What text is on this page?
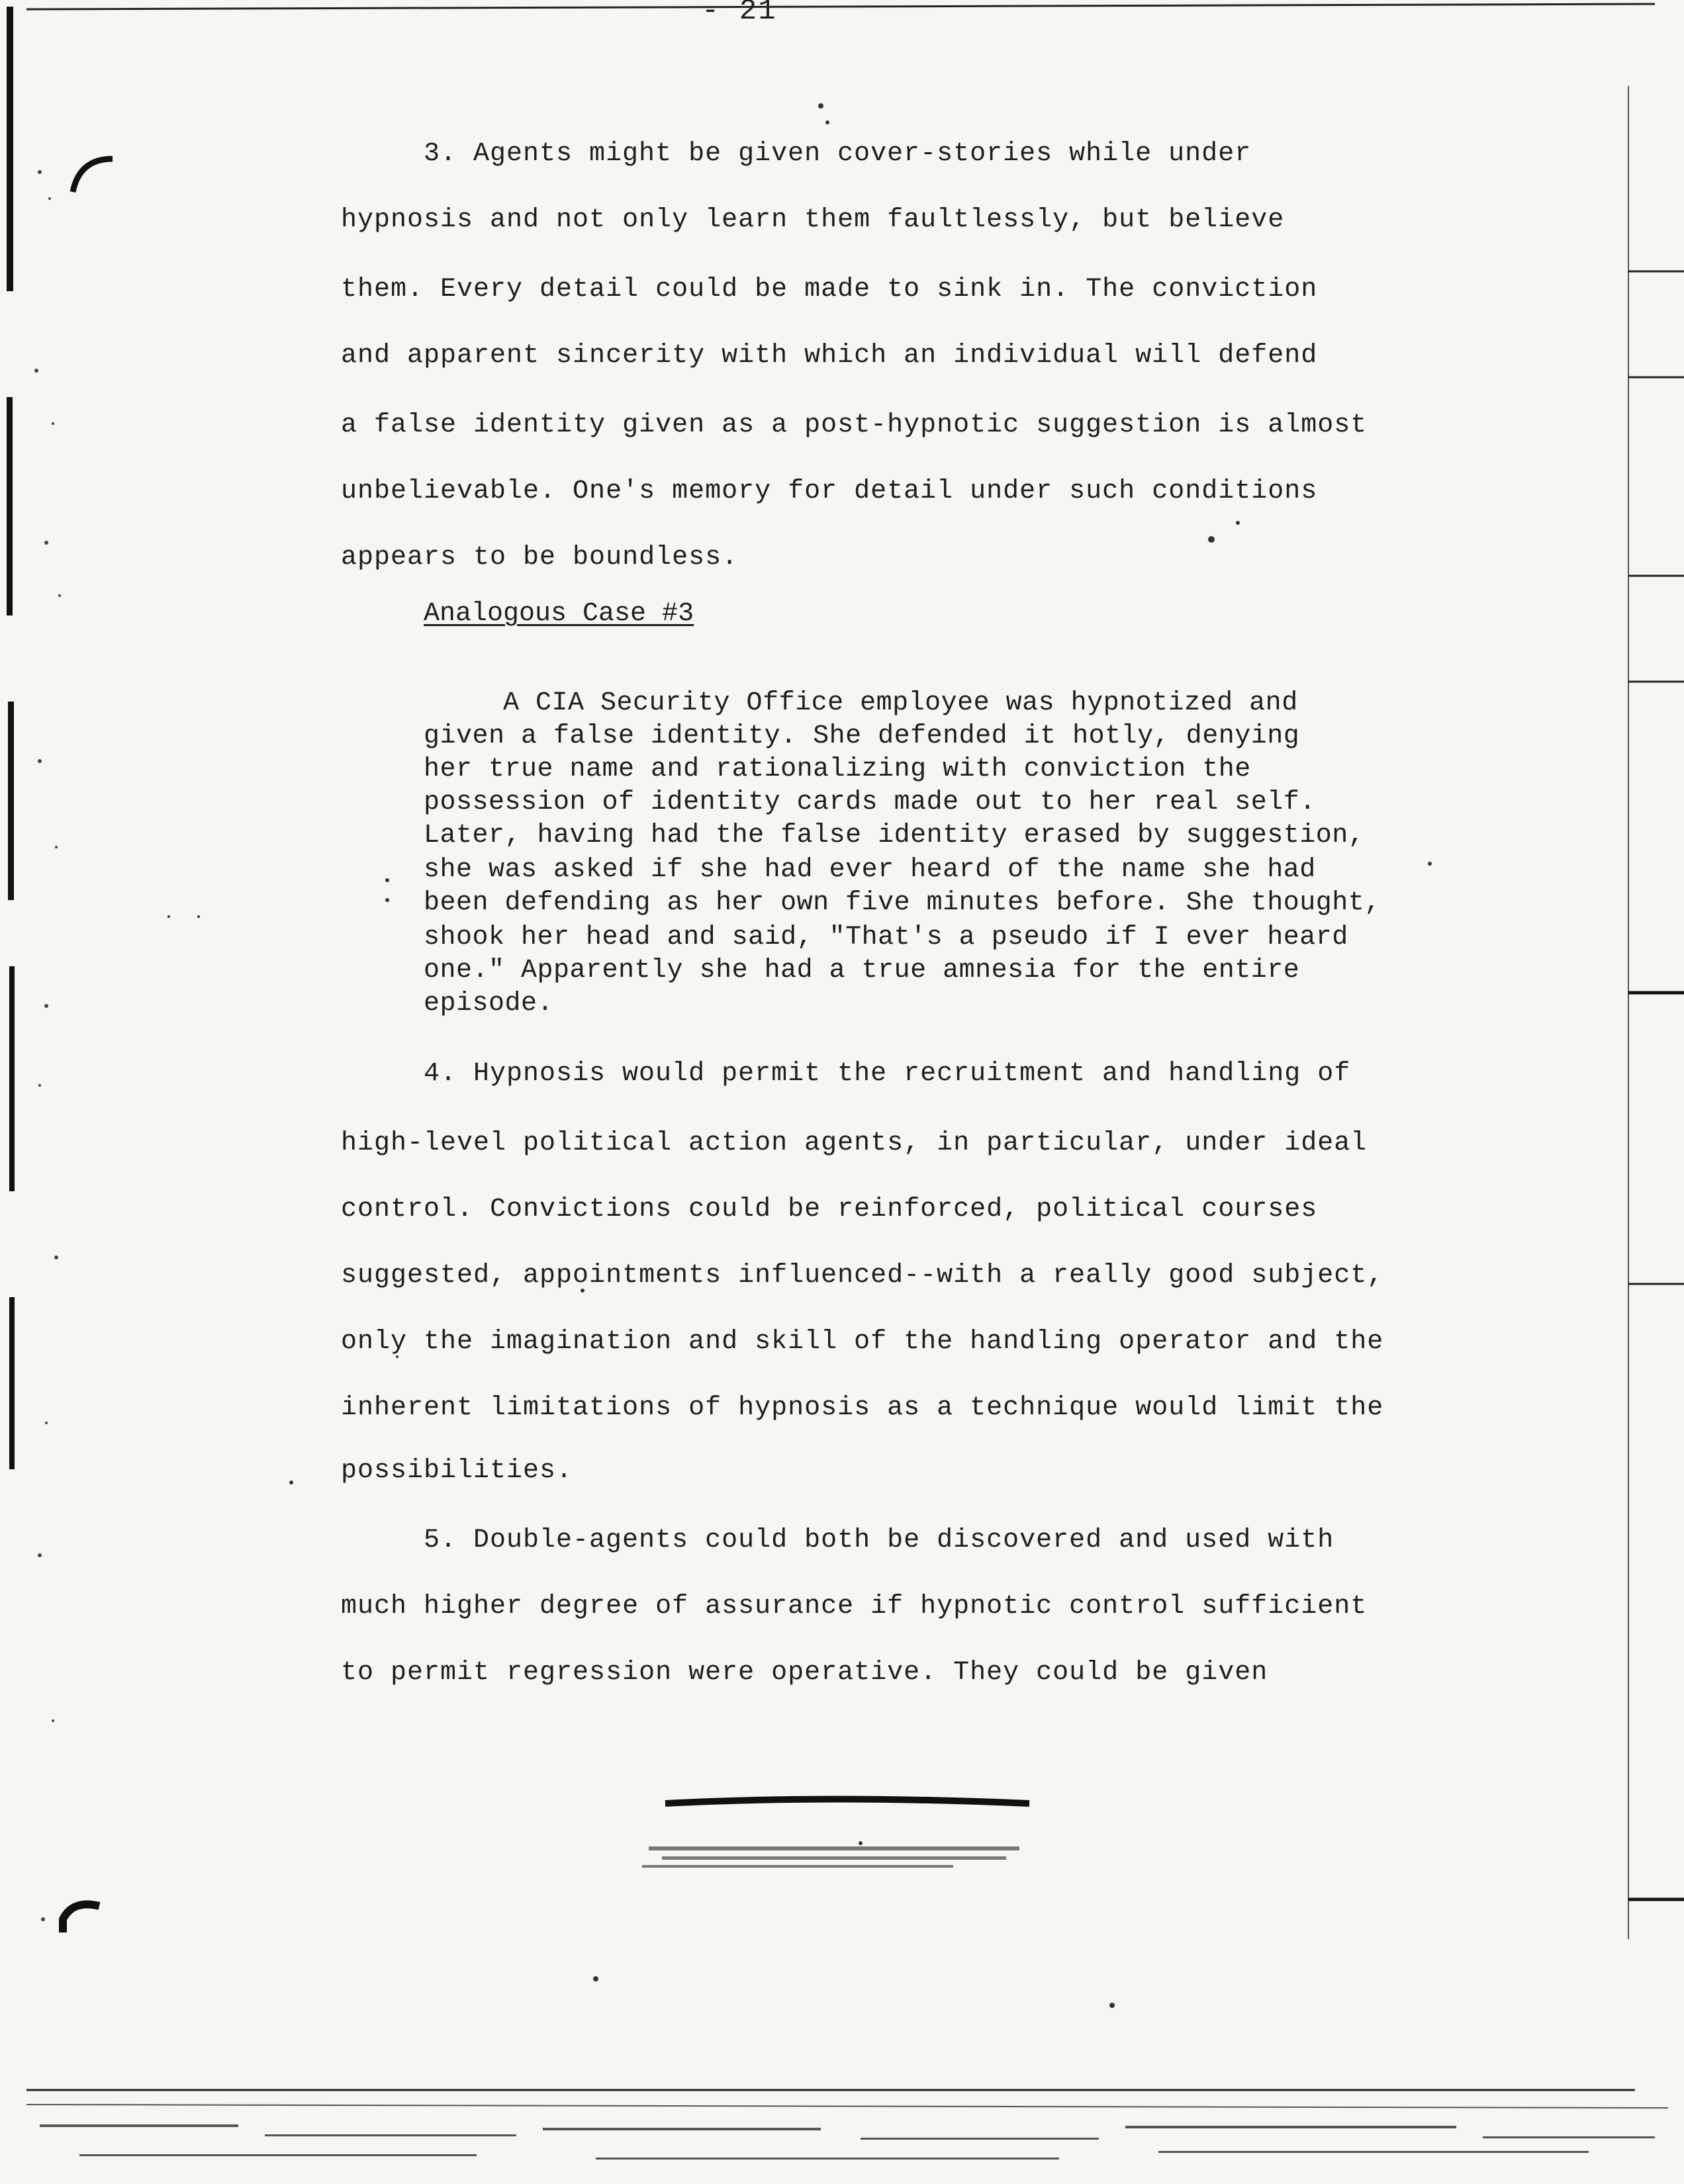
- 21
3. Agents might be given cover-stories while under
hypnosis and not only learn them faultlessly, but believe
them. Every detail could be made to sink in. The conviction
and apparent sincerity with which an individual will defend
a false identity given as a post-hypnotic suggestion is almost
unbelievable. One's memory for detail under such conditions
appears to be boundless.
Analogous Case #3
A CIA Security Office employee was hypnotized and
given a false identity. She defended it hotly, denying
her true name and rationalizing with conviction the
possession of identity cards made out to her real self.
Later, having had the false identity erased by suggestion,
she was asked if she had ever heard of the name she had
been defending as her own five minutes before. She thought,
shook her head and said, "That's a pseudo if I ever heard
one." Apparently she had a true amnesia for the entire
episode.
4. Hypnosis would permit the recruitment and handling of
high-level political action agents, in particular, under ideal
control. Convictions could be reinforced, political courses
suggested, appointments influenced--with a really good subject,
only the imagination and skill of the handling operator and the
inherent limitations of hypnosis as a technique would limit the
possibilities.
5. Double-agents could both be discovered and used with
much higher degree of assurance if hypnotic control sufficient
to permit regression were operative. They could be given
